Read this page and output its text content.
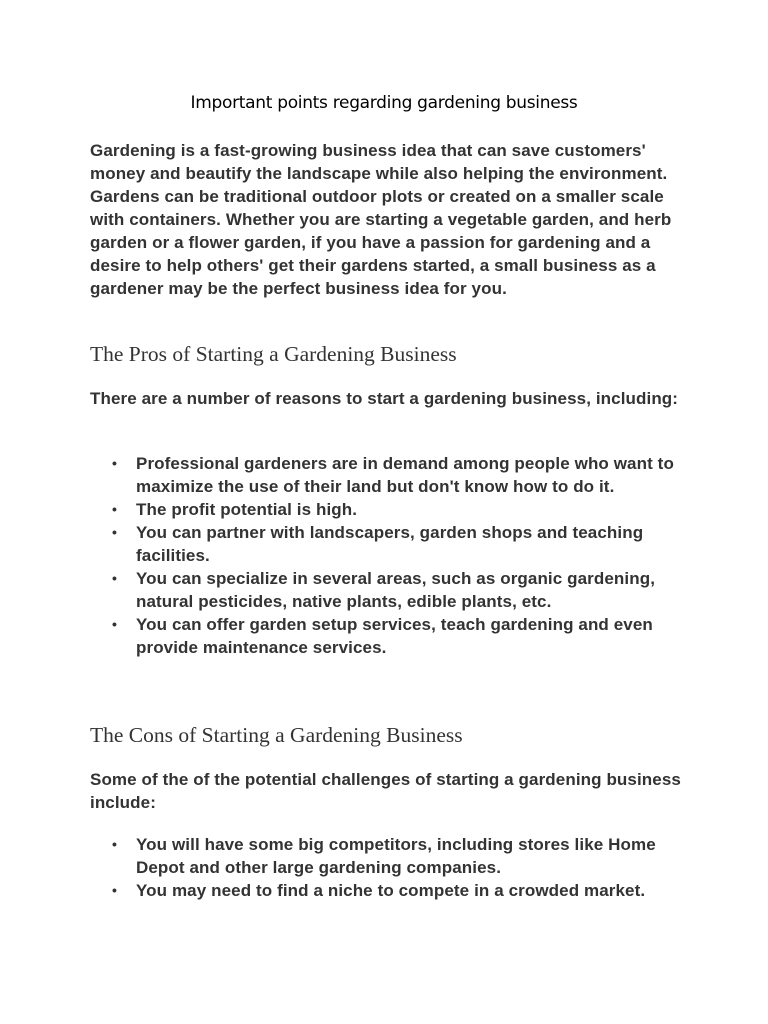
Important points regarding gardening business

Gardening is a fast-growing business idea that can save customers' money and beautify the landscape while also helping the environment. Gardens can be traditional outdoor plots or created on a smaller scale with containers. Whether you are starting a vegetable garden, and herb garden or a flower garden, if you have a passion for gardening and a desire to help others' get their gardens started, a small business as a gardener may be the perfect business idea for you.

The Pros of Starting a Gardening Business

There are a number of reasons to start a gardening business, including:

• Professional gardeners are in demand among people who want to maximize the use of their land but don't know how to do it.
• The profit potential is high.
• You can partner with landscapers, garden shops and teaching facilities.
• You can specialize in several areas, such as organic gardening, natural pesticides, native plants, edible plants, etc.
• You can offer garden setup services, teach gardening and even provide maintenance services.
The Cons of Starting a Gardening Business

Some of the of the potential challenges of starting a gardening business include:

• You will have some big competitors, including stores like Home Depot and other large gardening companies.
• You may need to find a niche to compete in a crowded market.
